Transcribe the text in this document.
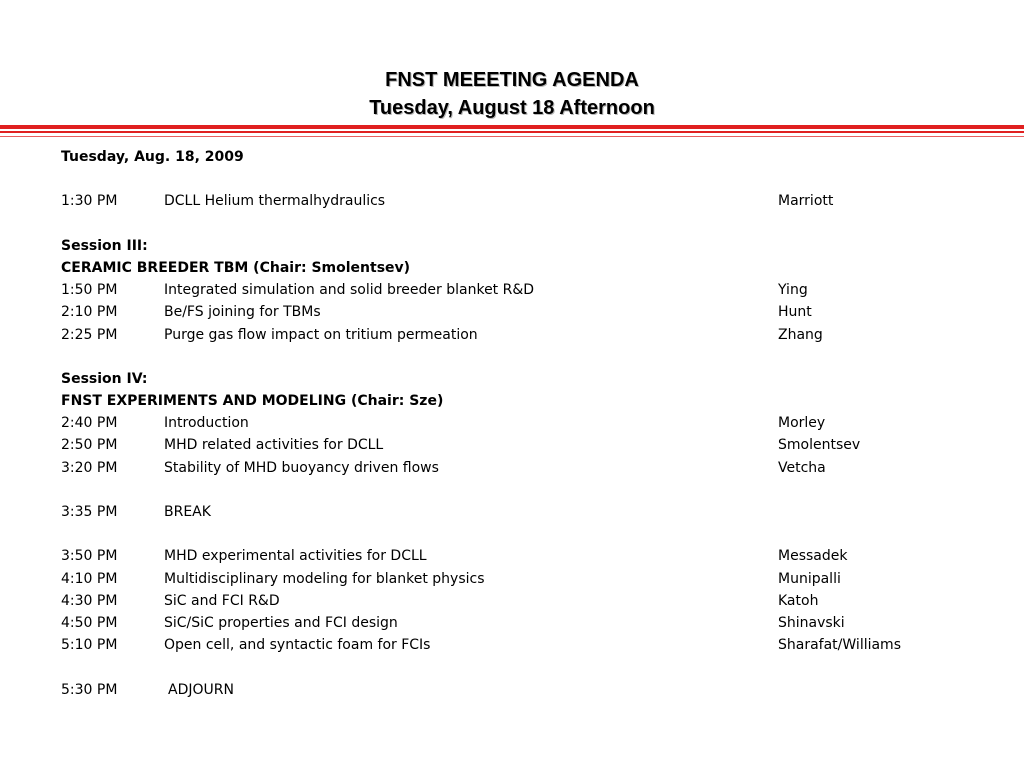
FNST MEEETING AGENDA
Tuesday, August 18 Afternoon
Tuesday, Aug. 18, 2009
1:30 PM	DCLL Helium thermalhydraulics	Marriott
Session III:
CERAMIC BREEDER TBM (Chair: Smolentsev)
1:50 PM	Integrated simulation and solid breeder blanket R&D	Ying
2:10 PM	Be/FS joining for TBMs	Hunt
2:25 PM	Purge gas flow impact on tritium permeation	Zhang
Session IV:
FNST EXPERIMENTS AND MODELING (Chair: Sze)
2:40 PM	Introduction	Morley
2:50 PM	MHD related activities for DCLL	Smolentsev
3:20 PM	Stability of MHD buoyancy driven flows	Vetcha
3:35 PM	BREAK
3:50 PM	MHD experimental activities for DCLL	Messadek
4:10 PM	Multidisciplinary modeling for blanket physics	Munipalli
4:30 PM	SiC and FCI R&D	Katoh
4:50 PM	SiC/SiC properties and FCI design	Shinavski
5:10 PM	Open cell, and syntactic foam for FCIs	Sharafat/Williams
5:30 PM	ADJOURN
